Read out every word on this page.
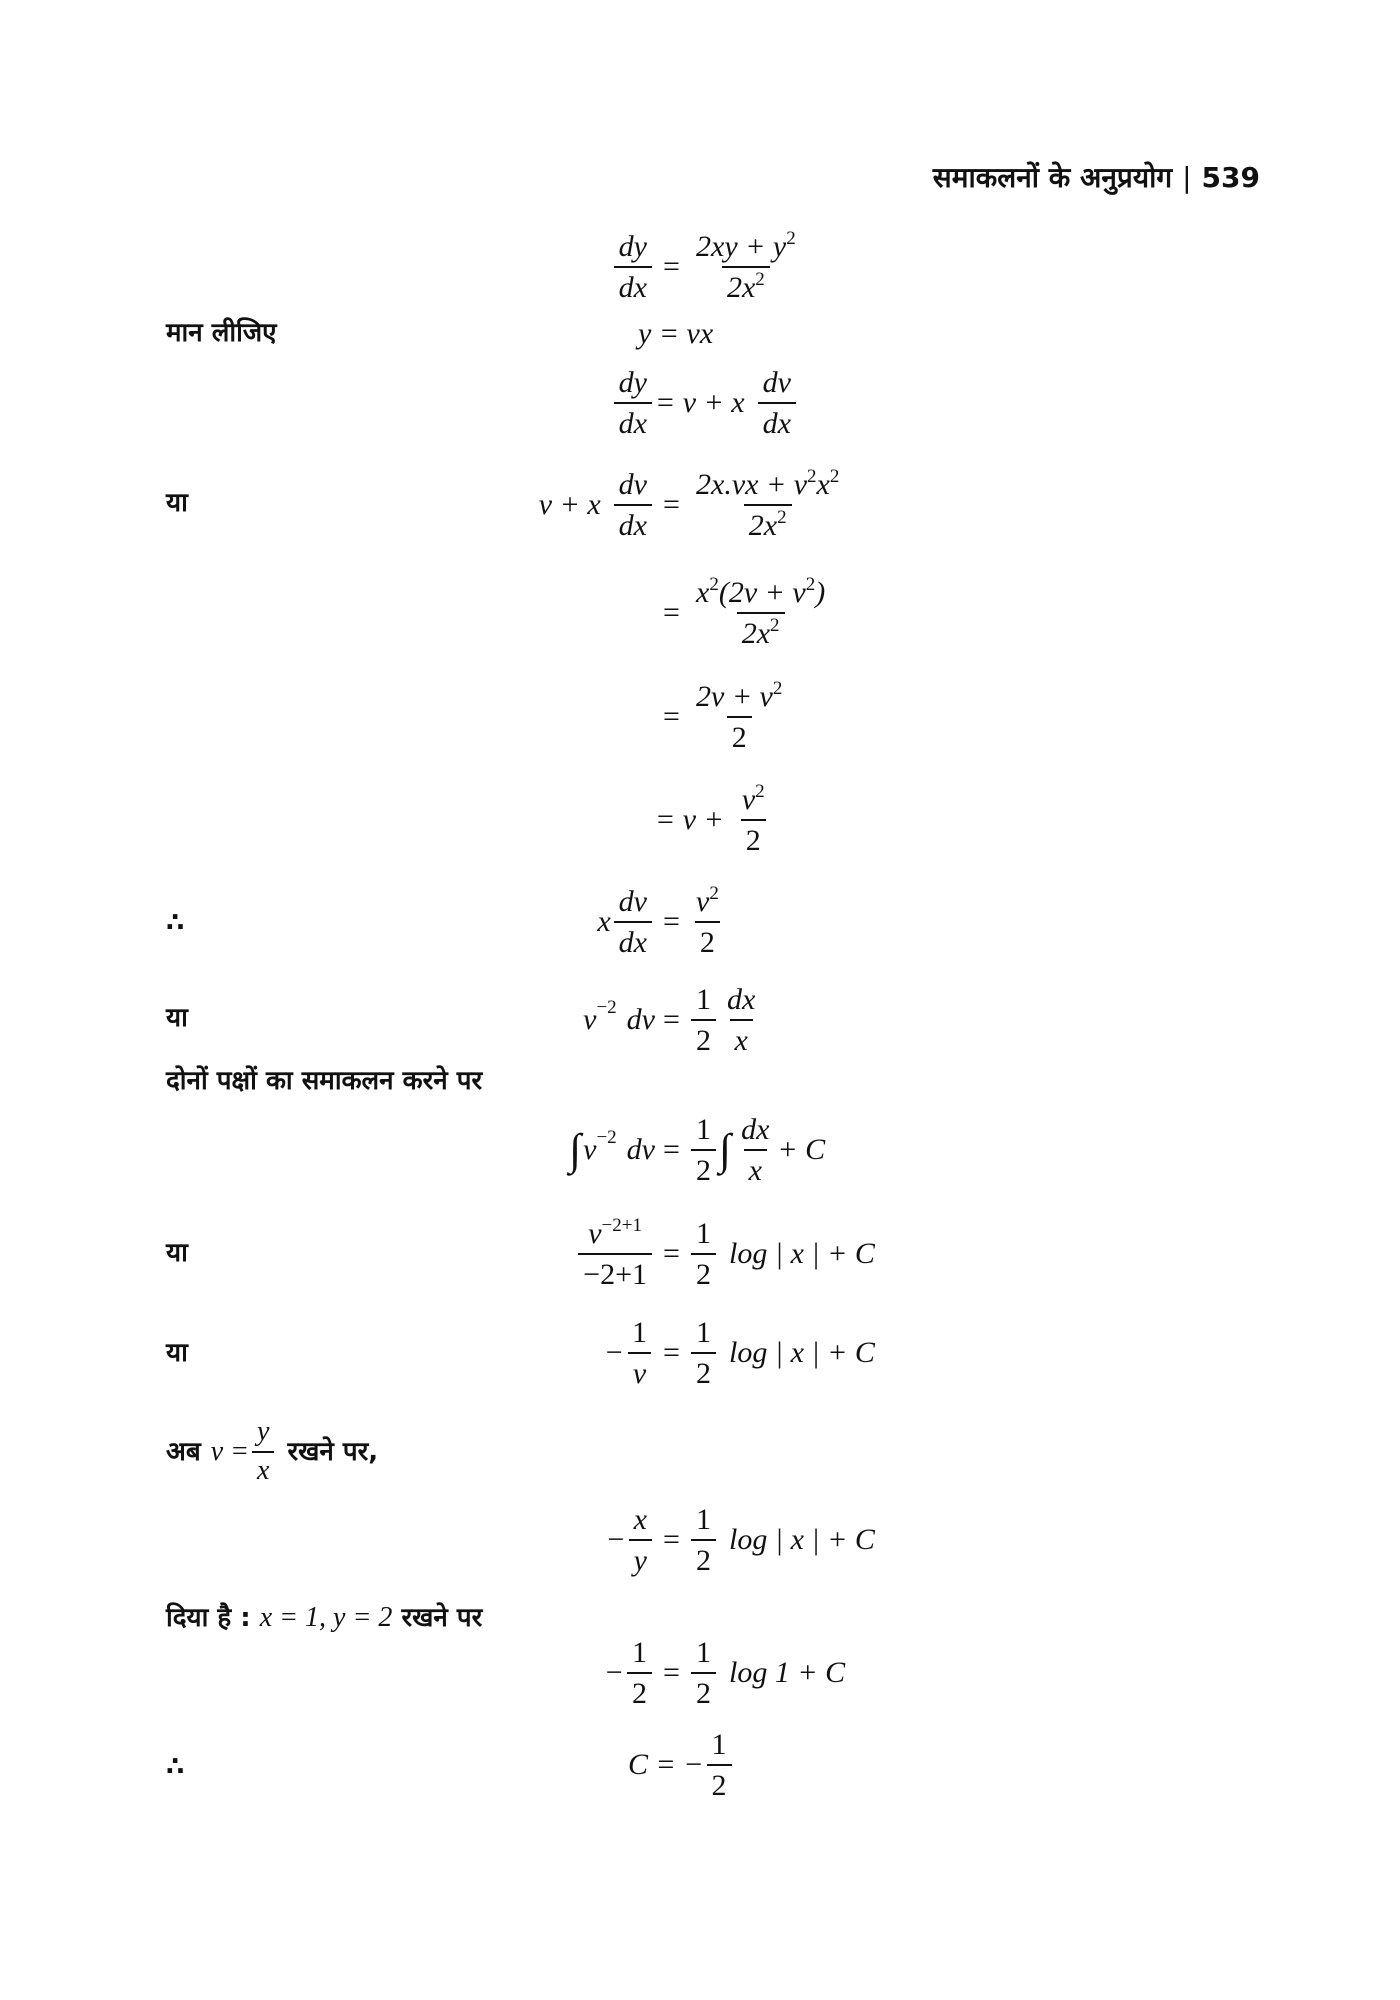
समाकलनों के अनुप्रयोग | 539
$\frac{dy}{dx} = \frac{2xy + y^2}{2x^2}$
मान लीजिए	y = vx
$\frac{dy}{dx} = v + x \frac{dv}{dx}$
या	v + x $\frac{dv}{dx} = \frac{2x.vx + v^2x^2}{2x^2}$
= $\frac{x^2(2v + v^2)}{2x^2}$
= $\frac{2v + v^2}{2}$
= $v + \frac{v^2}{2}$
∴	x $\frac{dv}{dx} = \frac{v^2}{2}$
या	v −2 dv = $\frac{1}{2} \frac{dx}{x}$
दोनों पक्षों का समाकलन करने पर
∫ v −2 dv = $\frac{1}{2}$ ∫ $\frac{dx}{x} + C$
या	$\frac{v^{-2+1}}{-2+1} = \frac{1}{2}$ log | x | + C
या	− $\frac{1}{v} = \frac{1}{2}$ log | x | + C
अब $v = \frac{y}{x}$ रखने पर,
− $\frac{x}{y} = \frac{1}{2}$ log | x | + C
दिया है : x = 1, y = 2 रखने पर
− $\frac{1}{2} = \frac{1}{2}$ log 1 + C
∴	C = − $\frac{1}{2}$
